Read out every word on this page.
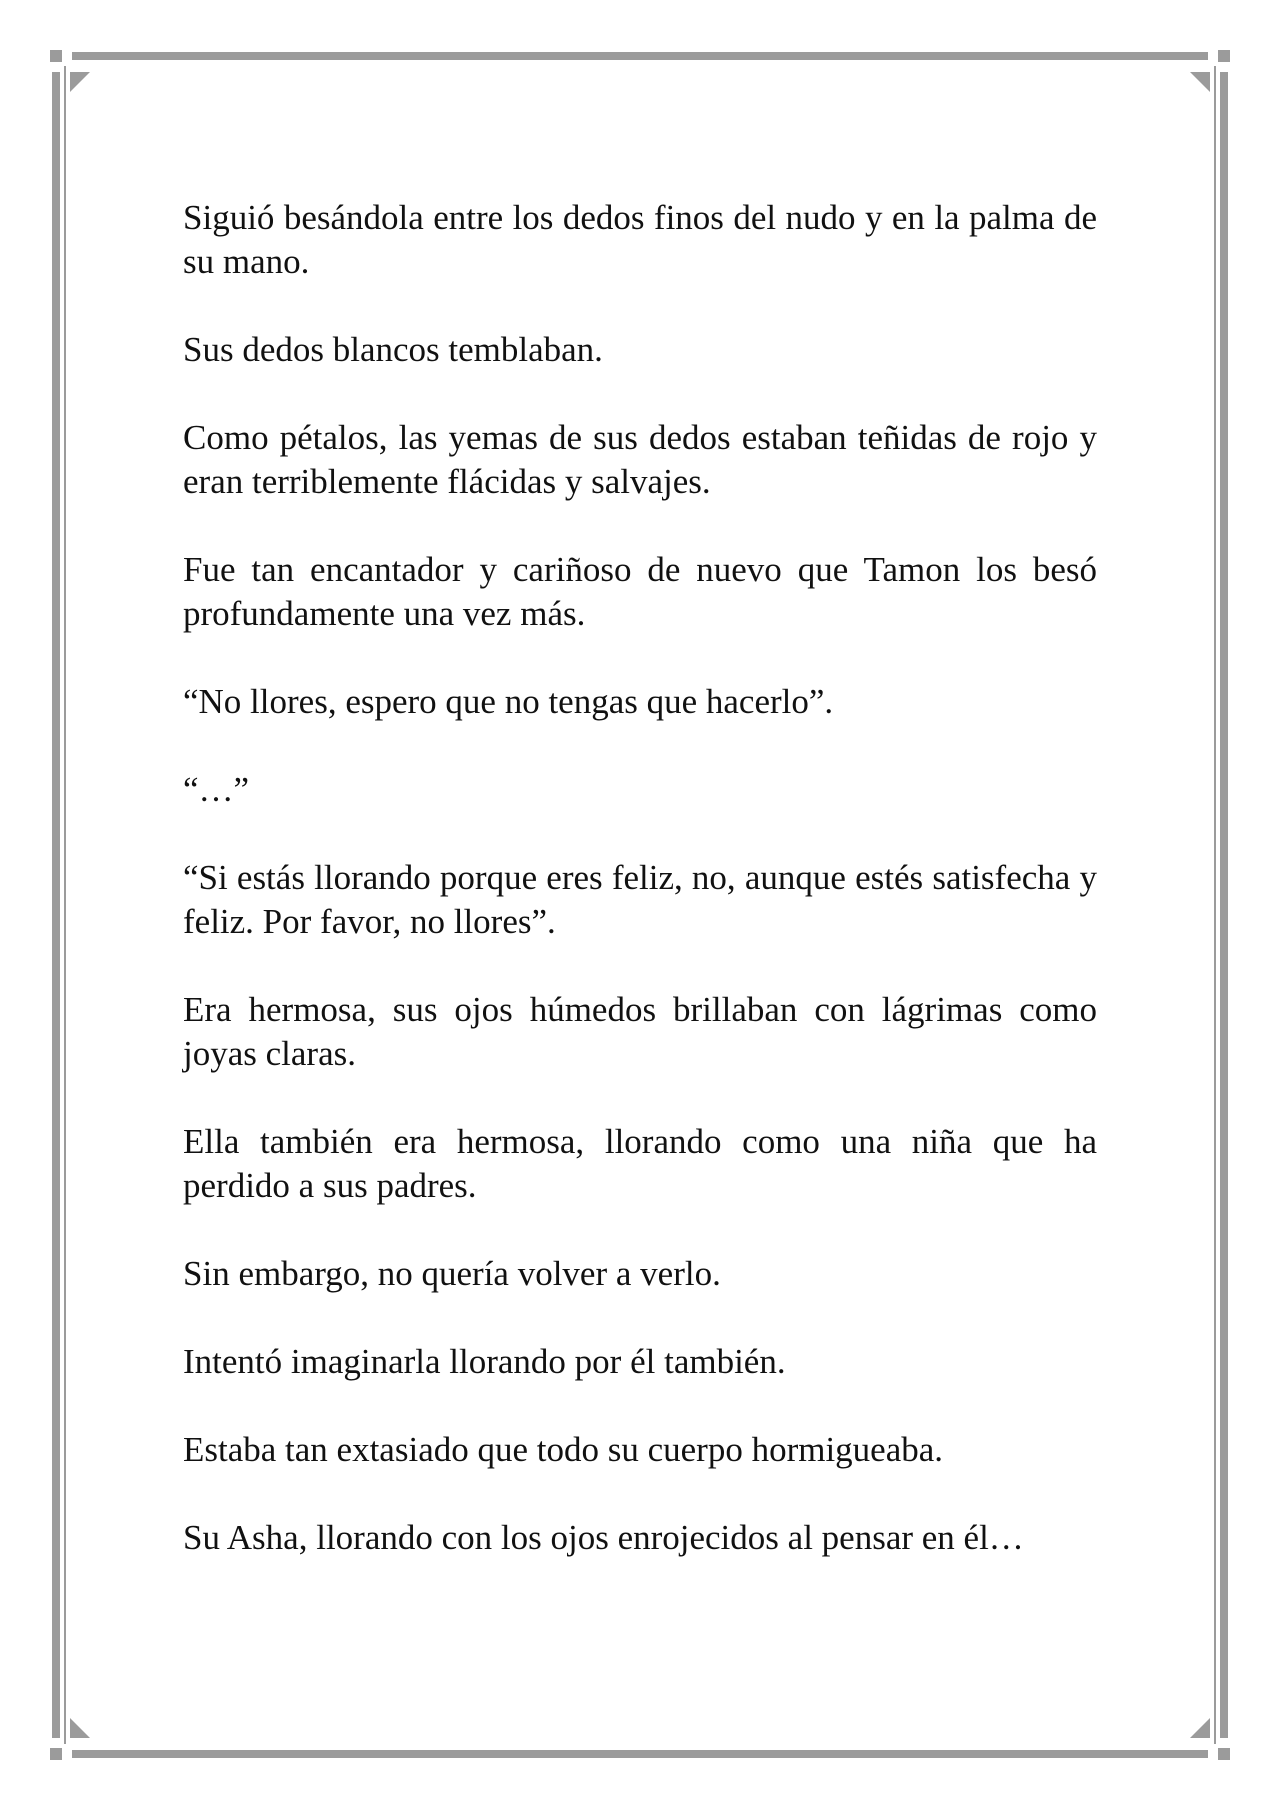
Siguió besándola entre los dedos finos del nudo y en la palma de su mano.

Sus dedos blancos temblaban.

Como pétalos, las yemas de sus dedos estaban teñidas de rojo y eran terriblemente flácidas y salvajes.

Fue tan encantador y cariñoso de nuevo que Tamon los besó profundamente una vez más.

“No llores, espero que no tengas que hacerlo”.

“…”

“Si estás llorando porque eres feliz, no, aunque estés satisfecha y feliz. Por favor, no llores”.

Era hermosa, sus ojos húmedos brillaban con lágrimas como joyas claras.

Ella también era hermosa, llorando como una niña que ha perdido a sus padres.

Sin embargo, no quería volver a verlo.

Intentó imaginarla llorando por él también.

Estaba tan extasiado que todo su cuerpo hormigueaba.

Su Asha, llorando con los ojos enrojecidos al pensar en él…
